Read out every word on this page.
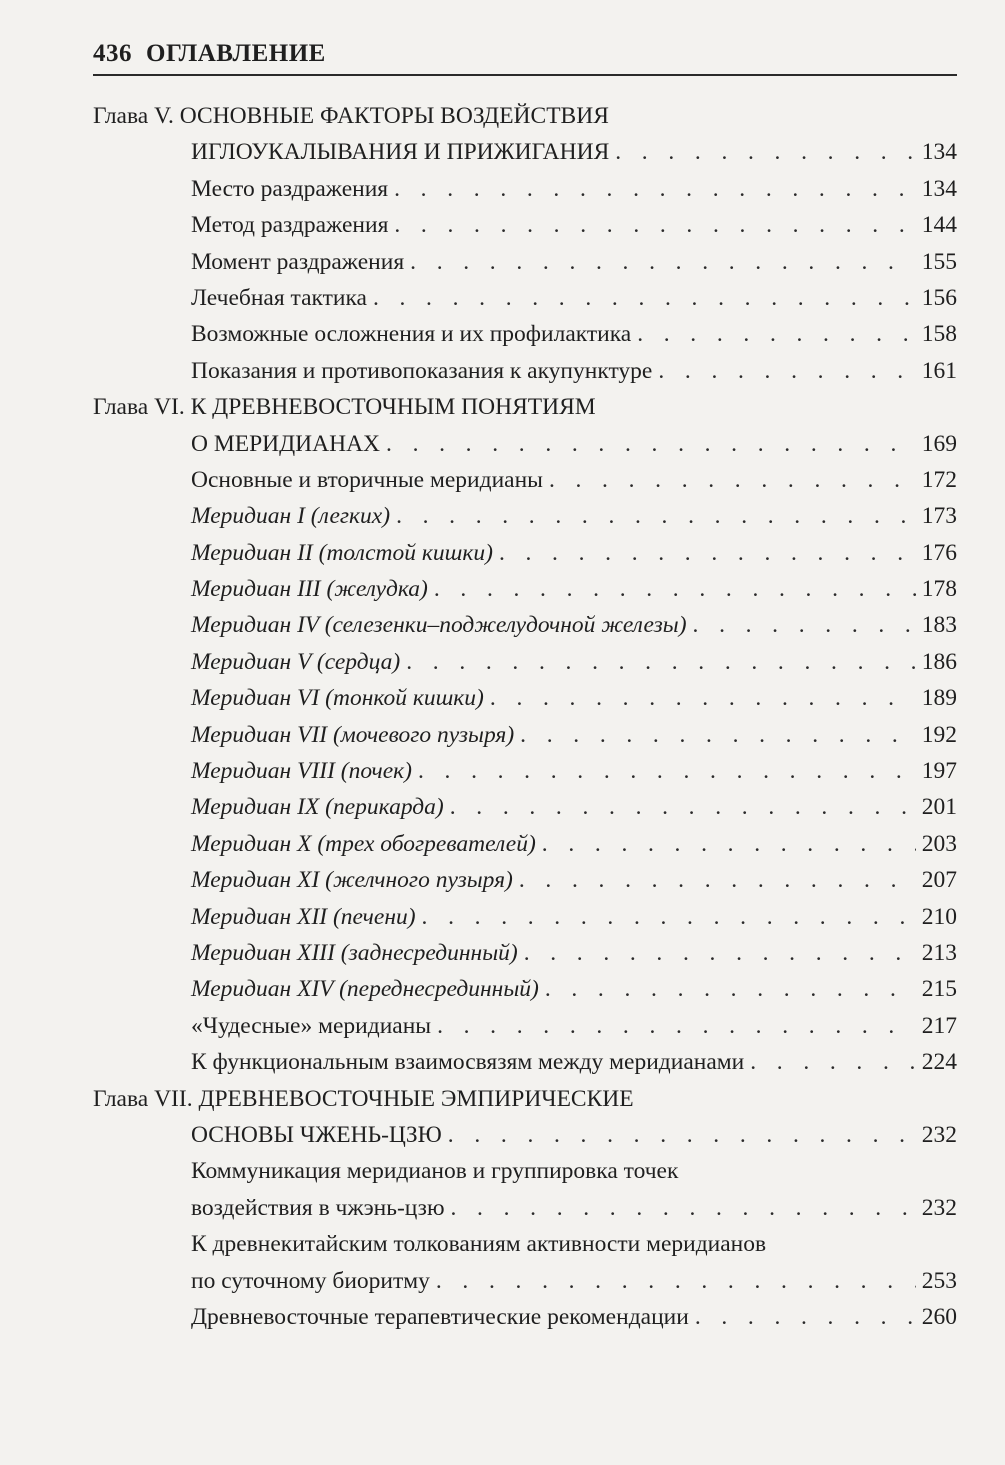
436 ОГЛАВЛЕНИЕ
Глава V. ОСНОВНЫЕ ФАКТОРЫ ВОЗДЕЙСТВИЯ
ИГЛОУКАЛЫВАНИЯ И ПРИЖИГАНИЯ . . .	134
Место раздражения . . .	134
Метод раздражения . . .	144
Момент раздражения . . .	155
Лечебная тактика . . .	156
Возможные осложнения и их профилактика . . .	158
Показания и противопоказания к акупунктуре . . .	161
Глава VI. К ДРЕВНЕВОСТОЧНЫМ ПОНЯТИЯМ
О МЕРИДИАНАХ . . .	169
Основные и вторичные меридианы . . .	172
Меридиан I (легких) . . .	173
Меридиан II (толстой кишки) . . .	176
Меридиан III (желудка) . . .	178
Меридиан IV (селезенки–поджелудочной железы) . . .	183
Меридиан V (сердца) . . .	186
Меридиан VI (тонкой кишки) . . .	189
Меридиан VII (мочевого пузыря) . . .	192
Меридиан VIII (почек) . . .	197
Меридиан IX (перикарда) . . .	201
Меридиан X (трех обогревателей) . . .	203
Меридиан XI (желчного пузыря) . . .	207
Меридиан XII (печени) . . .	210
Меридиан XIII (заднесрединный) . . .	213
Меридиан XIV (переднесрединный) . . .	215
«Чудесные» меридианы . . .	217
К функциональным взаимосвязям между меридианами . . .	224
Глава VII. ДРЕВНЕВОСТОЧНЫЕ ЭМПИРИЧЕСКИЕ
ОСНОВЫ ЧЖЕНЬ-ЦЗЮ . . .	232
Коммуникация меридианов и группировка точек
воздействия в чжэнь-цзю . . .	232
К древнекитайским толкованиям активности меридианов
по суточному биоритму . . .	253
Древневосточные терапевтические рекомендации . . .	260
